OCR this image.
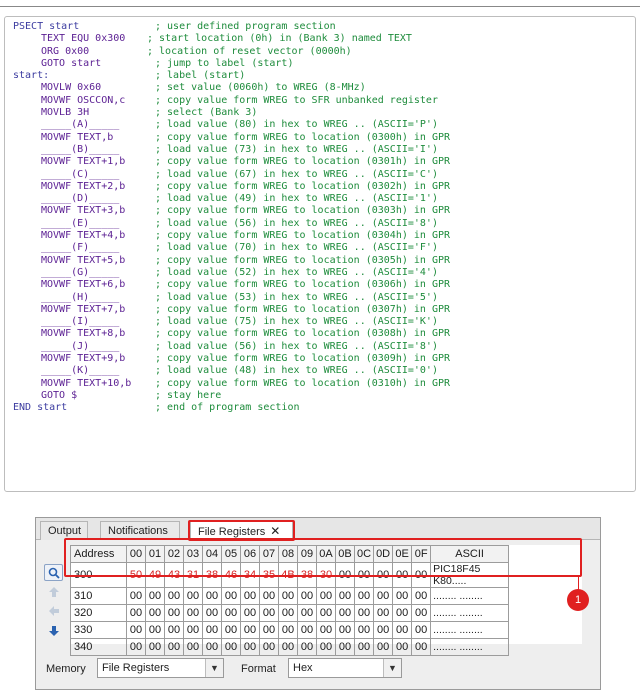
PSECT start	; user defined program section
TEXT EQU 0x300 ; start location (0h) in (Bank 3) named TEXT
ORG 0x00	; location of reset vector (0000h)
GOTO start	; jump to label (start)
start:	; label (start)
MOVLW 0x60	; set value (0060h) to WREG (8-MHz)
MOVWF OSCCON,c	; copy value form WREG to SFR unbanked register
MOVLB 3H	; select (Bank 3)
_____(A)_____	; load value (80) in hex to WREG .. (ASCII='P')
MOVWF TEXT,b	; copy value form WREG to location (0300h) in GPR
_____(B)_____	; load value (73) in hex to WREG .. (ASCII='I')
MOVWF TEXT+1,b	; copy value form WREG to location (0301h) in GPR
_____(C)_____	; load value (67) in hex to WREG .. (ASCII='C')
MOVWF TEXT+2,b	; copy value form WREG to location (0302h) in GPR
_____(D)_____	; load value (49) in hex to WREG .. (ASCII='1')
MOVWF TEXT+3,b	; copy value form WREG to location (0303h) in GPR
_____(E)_____	; load value (56) in hex to WREG .. (ASCII='8')
MOVWF TEXT+4,b	; copy value form WREG to location (0304h) in GPR
_____(F)_____	; load value (70) in hex to WREG .. (ASCII='F')
MOVWF TEXT+5,b	; copy value form WREG to location (0305h) in GPR
_____(G)_____	; load value (52) in hex to WREG .. (ASCII='4')
MOVWF TEXT+6,b	; copy value form WREG to location (0306h) in GPR
_____(H)_____	; load value (53) in hex to WREG .. (ASCII='5')
MOVWF TEXT+7,b	; copy value form WREG to location (0307h) in GPR
_____(I)_____	; load value (75) in hex to WREG .. (ASCII='K')
MOVWF TEXT+8,b	; copy value form WREG to location (0308h) in GPR
_____(J)_____	; load value (56) in hex to WREG .. (ASCII='8')
MOVWF TEXT+9,b	; copy value form WREG to location (0309h) in GPR
_____(K)_____	; load value (48) in hex to WREG .. (ASCII='0')
MOVWF TEXT+10,b ; copy value form WREG to location (0310h) in GPR
GOTO $	; stay here
END start	; end of program section
Output	Notifications	File Registers ✕
Address	00	01	02	03	04	05	06	07	08	09	0A	0B	0C	0D	0E	0F	ASCII
300	50	49	43	31	38	46	34	35	4B	38	30	00	00	00	00	00	PIC18F45 K80.....
310	00	00	00	00	00	00	00	00	00	00	00	00	00	00	00	00	........ ........
320	00	00	00	00	00	00	00	00	00	00	00	00	00	00	00	00	........ ........
330	00	00	00	00	00	00	00	00	00	00	00	00	00	00	00	00	........ ........
340	00	00	00	00	00	00	00	00	00	00	00	00	00	00	00	00	........ ........
Memory	File Registers	▼	Format	Hex	▼
1
